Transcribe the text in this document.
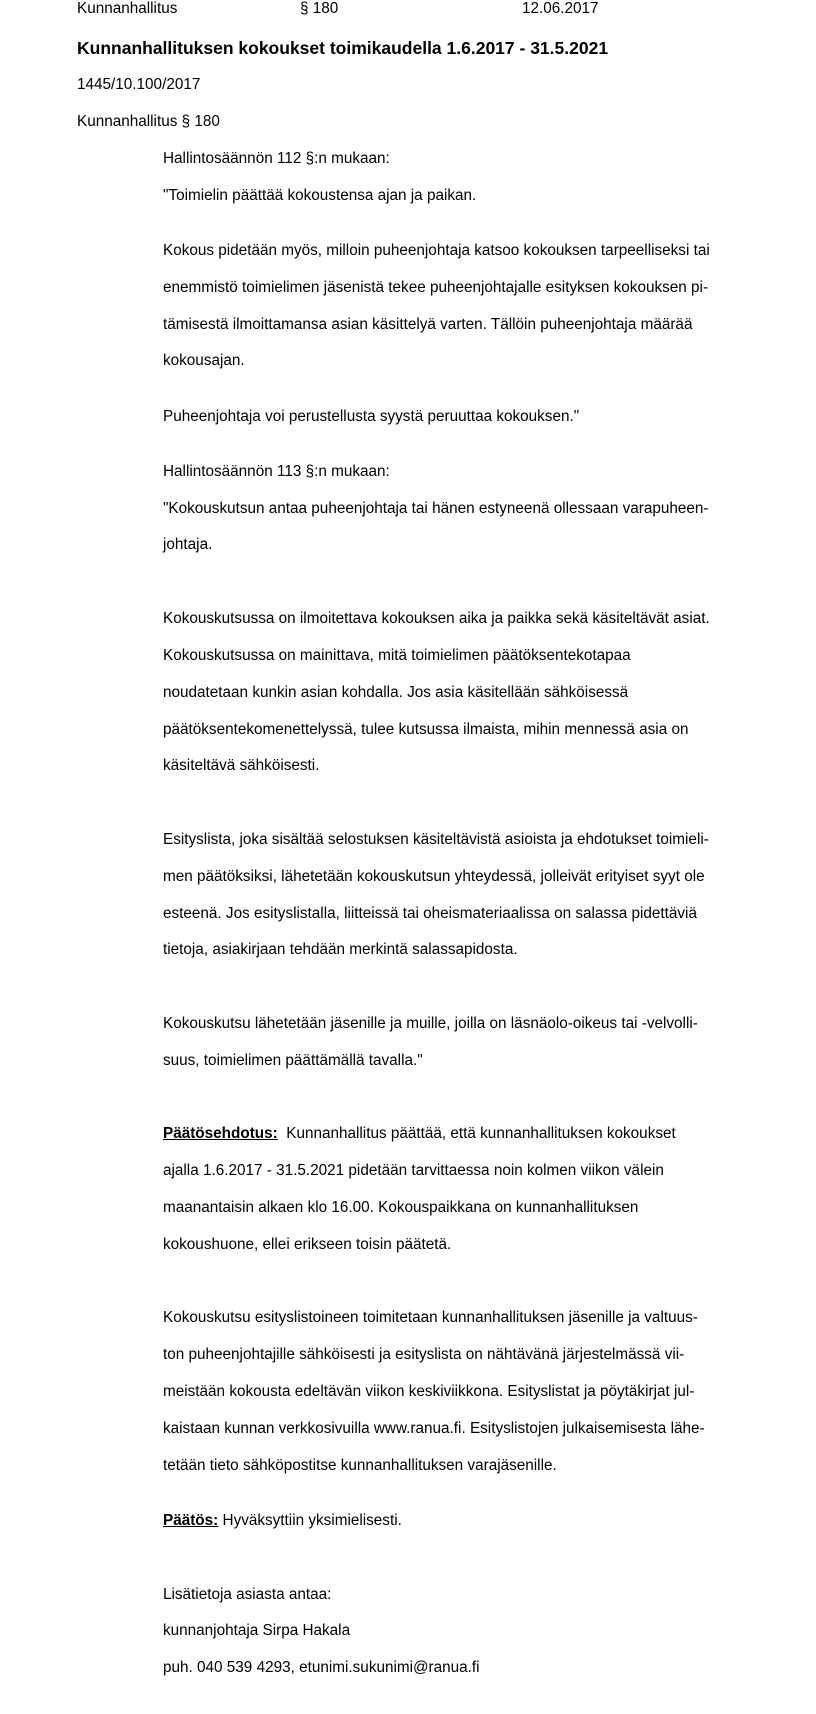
Kunnanhallitus	§ 180	12.06.2017
Kunnanhallituksen kokoukset toimikaudella 1.6.2017 - 31.5.2021
1445/10.100/2017
Kunnanhallitus § 180
Hallintosäännön 112 §:n mukaan:
"Toimielin päättää kokoustensa ajan ja paikan.

Kokous pidetään myös, milloin puheenjohtaja katsoo kokouksen tarpeelliseksi tai

enemmistö toimielimen jäsenistä tekee puheenjohtajalle esityksen kokouksen pi-

tämisestä ilmoittamansa asian käsittelyä varten. Tällöin puheenjohtaja määrää

kokousajan.

Puheenjohtaja voi perustellusta syystä peruuttaa kokouksen."

Hallintosäännön 113 §:n mukaan:

"Kokouskutsun antaa puheenjohtaja tai hänen estyneenä ollessaan varapuheen-

johtaja.

Kokouskutsussa on ilmoitettava kokouksen aika ja paikka sekä käsiteltävät asiat.

Kokouskutsussa on mainittava, mitä toimielimen päätöksentekotapaa

noudatetaan kunkin asian kohdalla. Jos asia käsitellään sähköisessä

päätöksentekomenettelyssä, tulee kutsussa ilmaista, mihin mennessä asia on

käsiteltävä sähköisesti.

Esityslista, joka sisältää selostuksen käsiteltävistä asioista ja ehdotukset toimieli-

men päätöksiksi, lähetetään kokouskutsun yhteydessä, jolleivät erityiset syyt ole

esteenä. Jos esityslistalla, liitteissä tai oheismateriaalissa on salassa pidettäviä

tietoja, asiakirjaan tehdään merkintä salassapidosta.

Kokouskutsu lähetetään jäsenille ja muille, joilla on läsnäolo-oikeus tai -velvolli-

suus, toimielimen päättämällä tavalla."

Päätösehdotus: Kunnanhallitus päättää, että kunnanhallituksen kokoukset

ajalla 1.6.2017 - 31.5.2021 pidetään tarvittaessa noin kolmen viikon välein

maanantaisin alkaen klo 16.00. Kokouspaikkana on kunnanhallituksen

kokoushuone, ellei erikseen toisin päätetä.

Kokouskutsu esityslistoineen toimitetaan kunnanhallituksen jäsenille ja valtuus-

ton puheenjohtajille sähköisesti ja esityslista on nähtävänä järjestelmässä vii-

meistään kokousta edeltävän viikon keskiviikkona. Esityslistat ja pöytäkirjat jul-

kaistaan kunnan verkkosivuilla www.ranua.fi. Esityslistojen julkaisemisesta lähe-

tetään tieto sähköpostitse kunnanhallituksen varajäsenille.

Päätös: Hyväksyttiin yksimielisesti.

Lisätietoja asiasta antaa:

kunnanjohtaja Sirpa Hakala

puh. 040 539 4293, etunimi.sukunimi@ranua.fi
